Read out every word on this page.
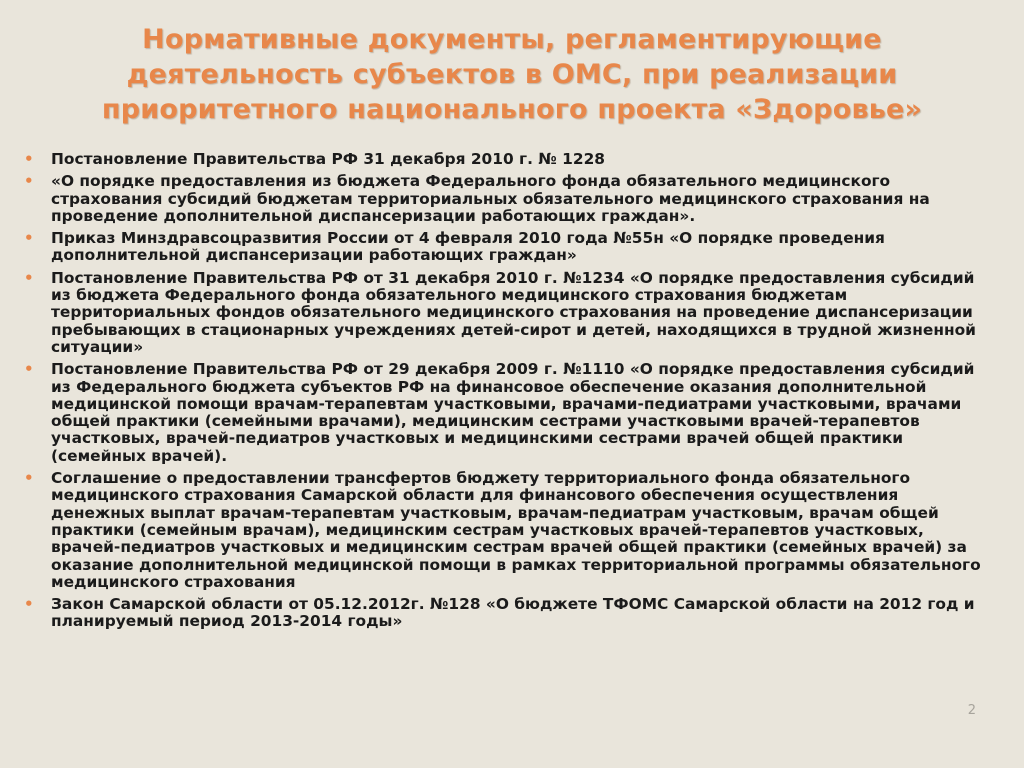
Нормативные документы, регламентирующие
деятельность субъектов в ОМС, при реализации
приоритетного национального проекта «Здоровье»
• Постановление Правительства РФ 31 декабря 2010 г. № 1228
• «О порядке предоставления из бюджета Федерального фонда обязательного медицинского страхования субсидий бюджетам территориальных обязательного медицинского страхования на проведение дополнительной диспансеризации работающих граждан».
• Приказ Минздравсоцразвития России от 4 февраля 2010 года №55н «О порядке проведения дополнительной диспансеризации работающих граждан»
• Постановление Правительства РФ от 31 декабря 2010 г. №1234 «О порядке предоставления субсидий из бюджета Федерального фонда обязательного медицинского страхования бюджетам территориальных фондов обязательного медицинского страхования на проведение диспансеризации пребывающих в стационарных учреждениях детей-сирот и детей, находящихся в трудной жизненной ситуации»
• Постановление Правительства РФ от 29 декабря 2009 г. №1110 «О порядке предоставления субсидий из Федерального бюджета субъектов РФ на финансовое обеспечение оказания дополнительной медицинской помощи врачам-терапевтам участковыми, врачами-педиатрами участковыми, врачами общей практики (семейными врачами), медицинским сестрами участковыми врачей-терапевтов участковых, врачей-педиатров участковых и медицинскими сестрами врачей общей практики (семейных врачей).
• Соглашение о предоставлении трансфертов бюджету территориального фонда обязательного медицинского страхования Самарской области для финансового обеспечения осуществления денежных выплат врачам-терапевтам участковым, врачам-педиатрам участковым, врачам общей практики (семейным врачам), медицинским сестрам участковых врачей-терапевтов участковых, врачей-педиатров участковых и медицинским сестрам врачей общей практики (семейных врачей) за оказание дополнительной медицинской помощи в рамках территориальной программы обязательного медицинского страхования
• Закон Самарской области от 05.12.2012г. №128 «О бюджете ТФОМС Самарской области на 2012 год и планируемый период 2013-2014 годы»
2
